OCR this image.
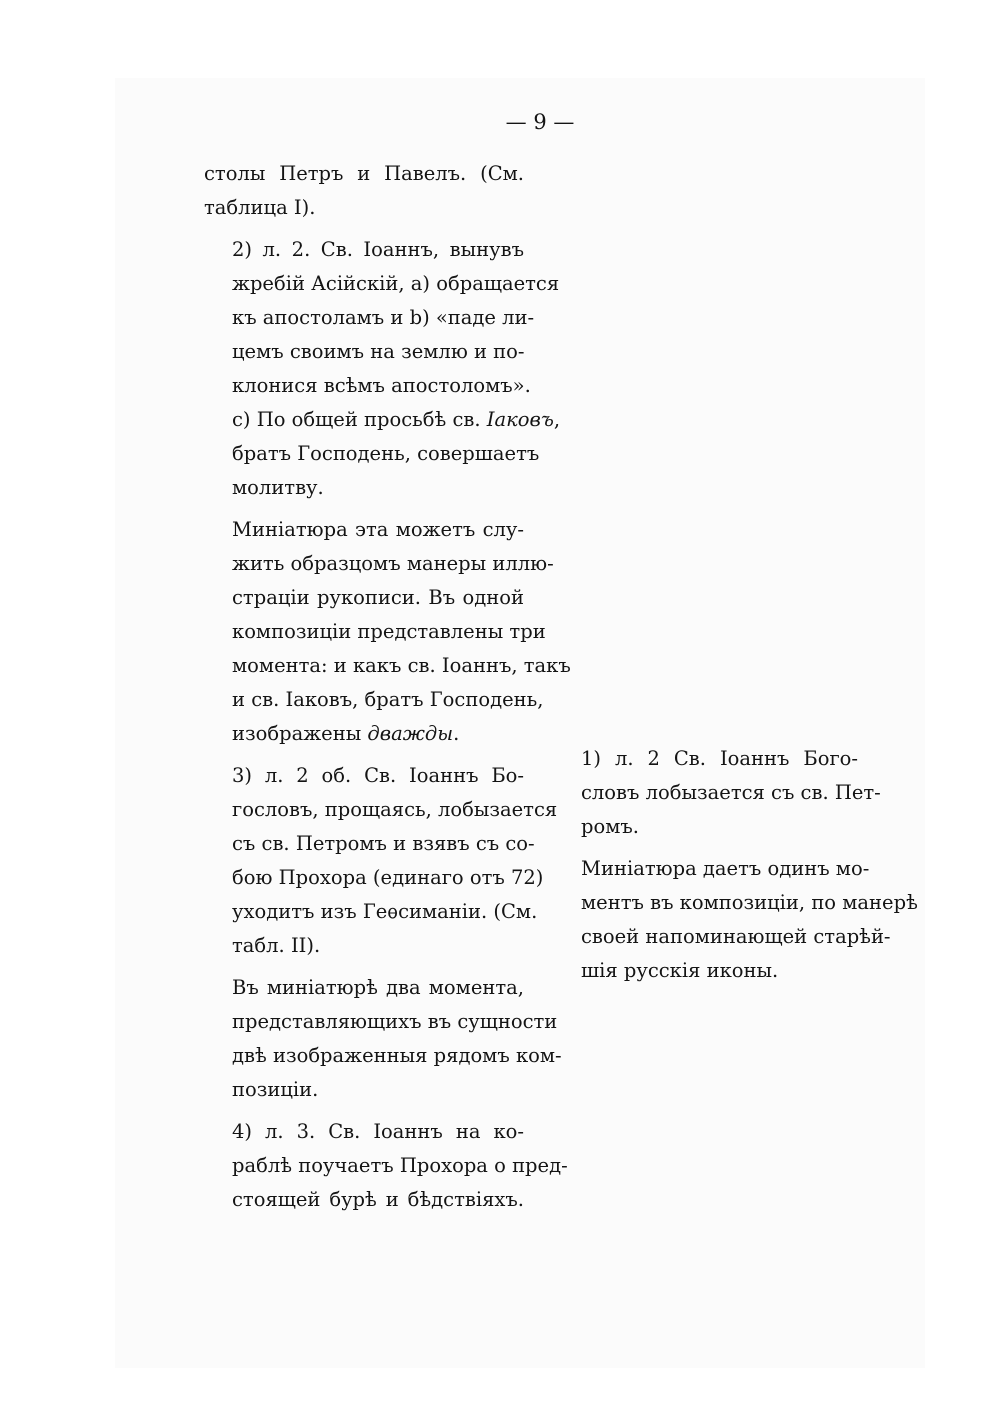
— 9 —
столы Петръ и Павелъ. (См.
таблица I).
2) л. 2. Св. Іоаннъ, вынувъ
жребій Асійскій, а) обращается
къ апостоламъ и b) «паде ли-
цемъ своимъ на землю и по-
клонися всѣмъ апостоломъ».
с) По общей просьбѣ св. Іаковъ,
братъ Господень, совершаетъ
молитву.
Миніатюра эта можетъ слу-
жить образцомъ манеры иллю-
страціи рукописи. Въ одной
композиціи представлены три
момента: и какъ св. Іоаннъ, такъ
и св. Іаковъ, братъ Господень,
изображены дважды.
3) л. 2 об. Св. Іоаннъ Бо-
гословъ, прощаясь, лобызается
съ св. Петромъ и взявъ съ со-
бою Прохора (единаго отъ 72)
уходитъ изъ Геѳсиманіи. (См.
табл. II).
Въ миніатюрѣ два момента,
представляющихъ въ сущности
двѣ изображенныя рядомъ ком-
позиціи.
4) л. 3. Св. Іоаннъ на ко-
раблѣ поучаетъ Прохора о пред-
стоящей бурѣ и бѣдствіяхъ.
1) л. 2 Св. Іоаннъ Бого-
словъ лобызается съ св. Пет-
ромъ.
Миніатюра даетъ одинъ мо-
ментъ въ композиціи, по манерѣ
своей напоминающей старѣй-
шія русскія иконы.
